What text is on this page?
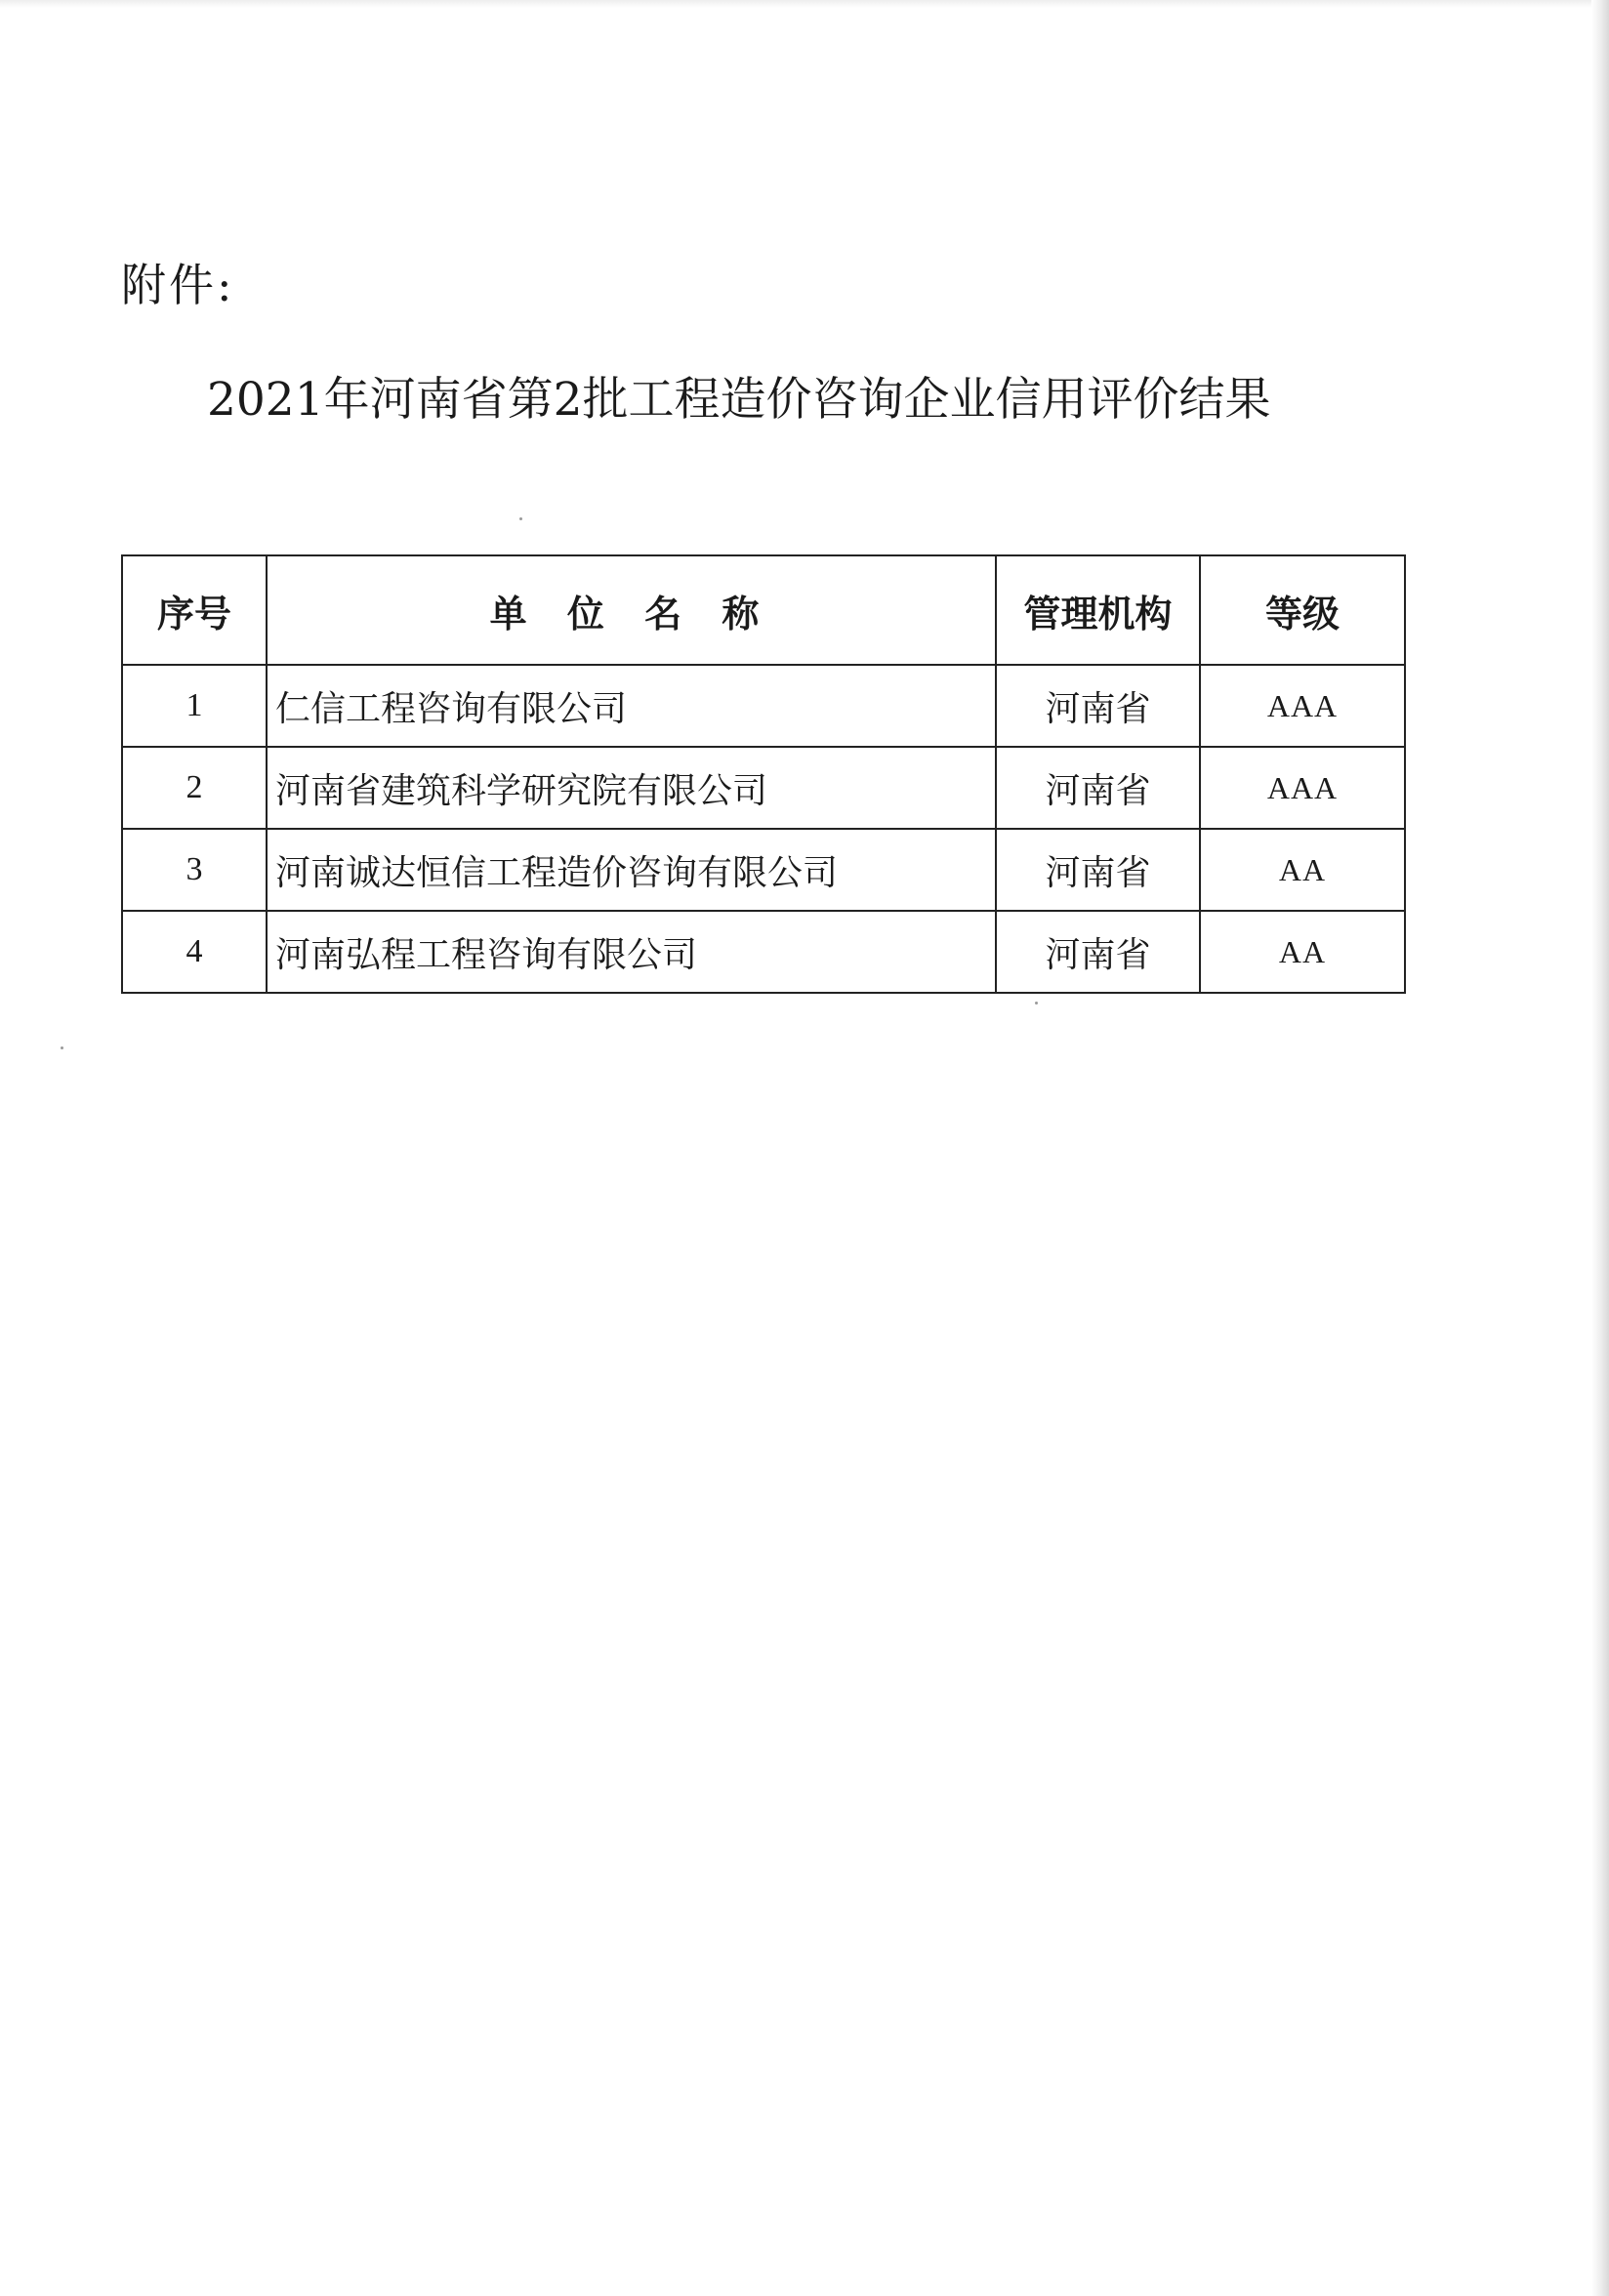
附件:
2021年河南省第2批工程造价咨询企业信用评价结果
序号	单 位 名 称	管理机构	等级
1	仁信工程咨询有限公司	河南省	AAA
2	河南省建筑科学研究院有限公司	河南省	AAA
3	河南诚达恒信工程造价咨询有限公司	河南省	AA
4	河南弘程工程咨询有限公司	河南省	AA
